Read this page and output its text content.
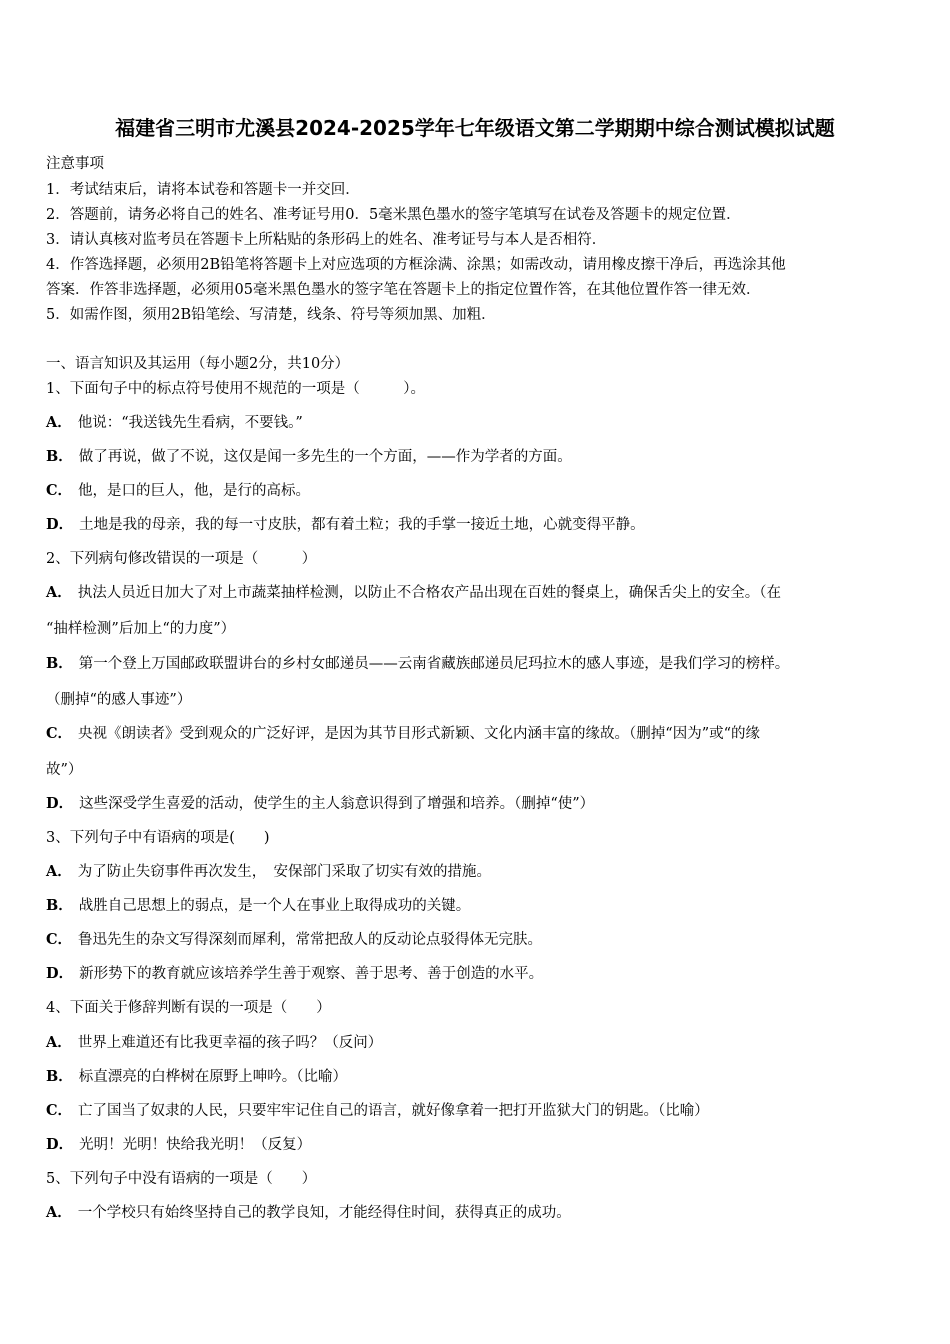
福建省三明市尤溪县2024-2025学年七年级语文第二学期期中综合测试模拟试题
注意事项
1．考试结束后，请将本试卷和答题卡一并交回．
2．答题前，请务必将自己的姓名、准考证号用0．5毫米黑色墨水的签字笔填写在试卷及答题卡的规定位置．
3．请认真核对监考员在答题卡上所粘贴的条形码上的姓名、准考证号与本人是否相符．
4．作答选择题，必须用2B铅笔将答题卡上对应选项的方框涂满、涂黑；如需改动，请用橡皮擦干净后，再选涂其他
答案．作答非选择题，必须用05毫米黑色墨水的签字笔在答题卡上的指定位置作答，在其他位置作答一律无效．
5．如需作图，须用2B铅笔绘、写清楚，线条、符号等须加黑、加粗．
一、语言知识及其运用（每小题2分，共10分）
1、下面句子中的标点符号使用不规范的一项是（　　　）。
A． 他说：“我送钱先生看病，不要钱。”
B． 做了再说，做了不说，这仅是闻一多先生的一个方面，——作为学者的方面。
C． 他，是口的巨人，他，是行的高标。
D． 土地是我的母亲，我的每一寸皮肤，都有着土粒；我的手掌一接近土地，心就变得平静。
2、下列病句修改错误的一项是（　　　）
A． 执法人员近日加大了对上市蔬菜抽样检测，以防止不合格农产品出现在百姓的餐桌上，确保舌尖上的安全。（在
“抽样检测”后加上“的力度”）
B． 第一个登上万国邮政联盟讲台的乡村女邮递员——云南省藏族邮递员尼玛拉木的感人事迹，是我们学习的榜样。
（删掉“的感人事迹”）
C． 央视《朗读者》受到观众的广泛好评，是因为其节目形式新颖、文化内涵丰富的缘故。（删掉“因为”或“的缘
故”）
D． 这些深受学生喜爱的活动，使学生的主人翁意识得到了增强和培养。（删掉“使”）
3、下列句子中有语病的项是(　　)
A． 为了防止失窃事件再次发生，　安保部门采取了切实有效的措施。
B． 战胜自己思想上的弱点，是一个人在事业上取得成功的关键。
C． 鲁迅先生的杂文写得深刻而犀利，常常把敌人的反动论点驳得体无完肤。
D． 新形势下的教育就应该培养学生善于观察、善于思考、善于创造的水平。
4、下面关于修辞判断有误的一项是（　　）
A． 世界上难道还有比我更幸福的孩子吗？（反问）
B． 标直漂亮的白桦树在原野上呻吟。（比喻）
C． 亡了国当了奴隶的人民，只要牢牢记住自己的语言，就好像拿着一把打开监狱大门的钥匙。（比喻）
D． 光明！光明！快给我光明！（反复）
5、下列句子中没有语病的一项是（　　）
A． 一个学校只有始终坚持自己的教学良知，才能经得住时间，获得真正的成功。
